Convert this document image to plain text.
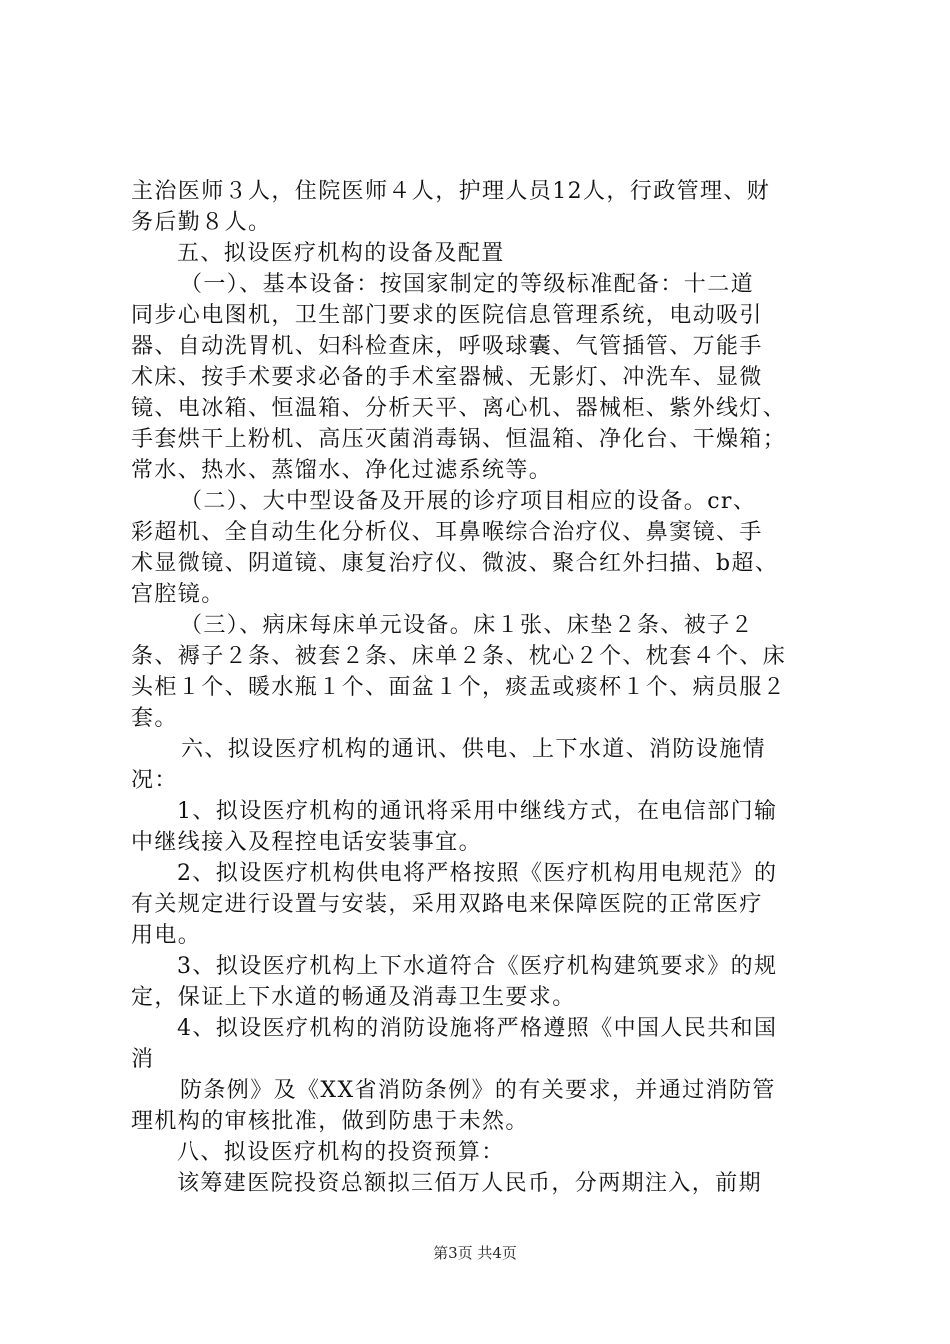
主治医师３人，住院医师４人，护理人员12人，行政管理、财
务后勤８人。
五、拟设医疗机构的设备及配置
（一）、基本设备：按国家制定的等级标准配备：十二道
同步心电图机，卫生部门要求的医院信息管理系统，电动吸引
器、自动洗胃机、妇科检查床，呼吸球囊、气管插管、万能手
术床、按手术要求必备的手术室器械、无影灯、冲洗车、显微
镜、电冰箱、恒温箱、分析天平、离心机、器械柜、紫外线灯、
手套烘干上粉机、高压灭菌消毒锅、恒温箱、净化台、干燥箱；
常水、热水、蒸馏水、净化过滤系统等。
（二）、大中型设备及开展的诊疗项目相应的设备。cr、
彩超机、全自动生化分析仪、耳鼻喉综合治疗仪、鼻窦镜、手
术显微镜、阴道镜、康复治疗仪、微波、聚合红外扫描、b超、
宫腔镜。
（三）、病床每床单元设备。床１张、床垫２条、被子２
条、褥子２条、被套２条、床单２条、枕心２个、枕套４个、床
头柜１个、暖水瓶１个、面盆１个，痰盂或痰杯１个、病员服２
套。
六、拟设医疗机构的通讯、供电、上下水道、消防设施情
况：
1、拟设医疗机构的通讯将采用中继线方式，在电信部门输
中继线接入及程控电话安装事宜。
2、拟设医疗机构供电将严格按照《医疗机构用电规范》的
有关规定进行设置与安装，采用双路电来保障医院的正常医疗
用电。
3、拟设医疗机构上下水道符合《医疗机构建筑要求》的规
定，保证上下水道的畅通及消毒卫生要求。
4、拟设医疗机构的消防设施将严格遵照《中国人民共和国
消
防条例》及《XX省消防条例》的有关要求，并通过消防管
理机构的审核批准，做到防患于未然。
八、拟设医疗机构的投资预算：
该筹建医院投资总额拟三佰万人民币，分两期注入，前期
第3页 共4页
